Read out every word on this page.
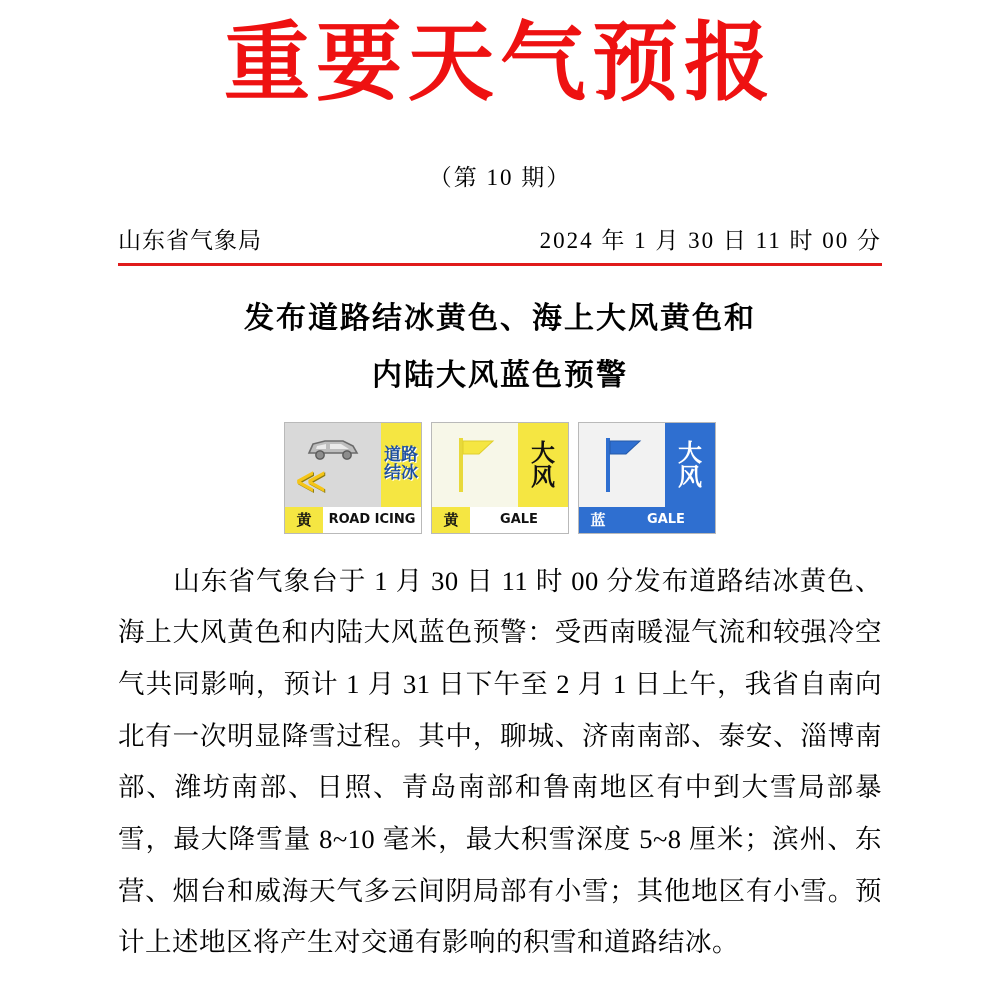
重要天气预报
（第 10 期）
山东省气象局	2024 年 1 月 30 日 11 时 00 分
发布道路结冰黄色、海上大风黄色和
内陆大风蓝色预警
≪
道路
结冰
黄	ROAD ICING
大
风
黄	GALE
大
风
蓝	GALE
　　山东省气象台于 1 月 30 日 11 时 00 分发布道路结冰黄色、海上大风黄色和内陆大风蓝色预警：受西南暖湿气流和较强冷空气共同影响，预计 1 月 31 日下午至 2 月 1 日上午，我省自南向北有一次明显降雪过程。其中，聊城、济南南部、泰安、淄博南部、潍坊南部、日照、青岛南部和鲁南地区有中到大雪局部暴雪，最大降雪量 8~10 毫米，最大积雪深度 5~8 厘米；滨州、东营、烟台和威海天气多云间阴局部有小雪；其他地区有小雪。预计上述地区将产生对交通有影响的积雪和道路结冰。
